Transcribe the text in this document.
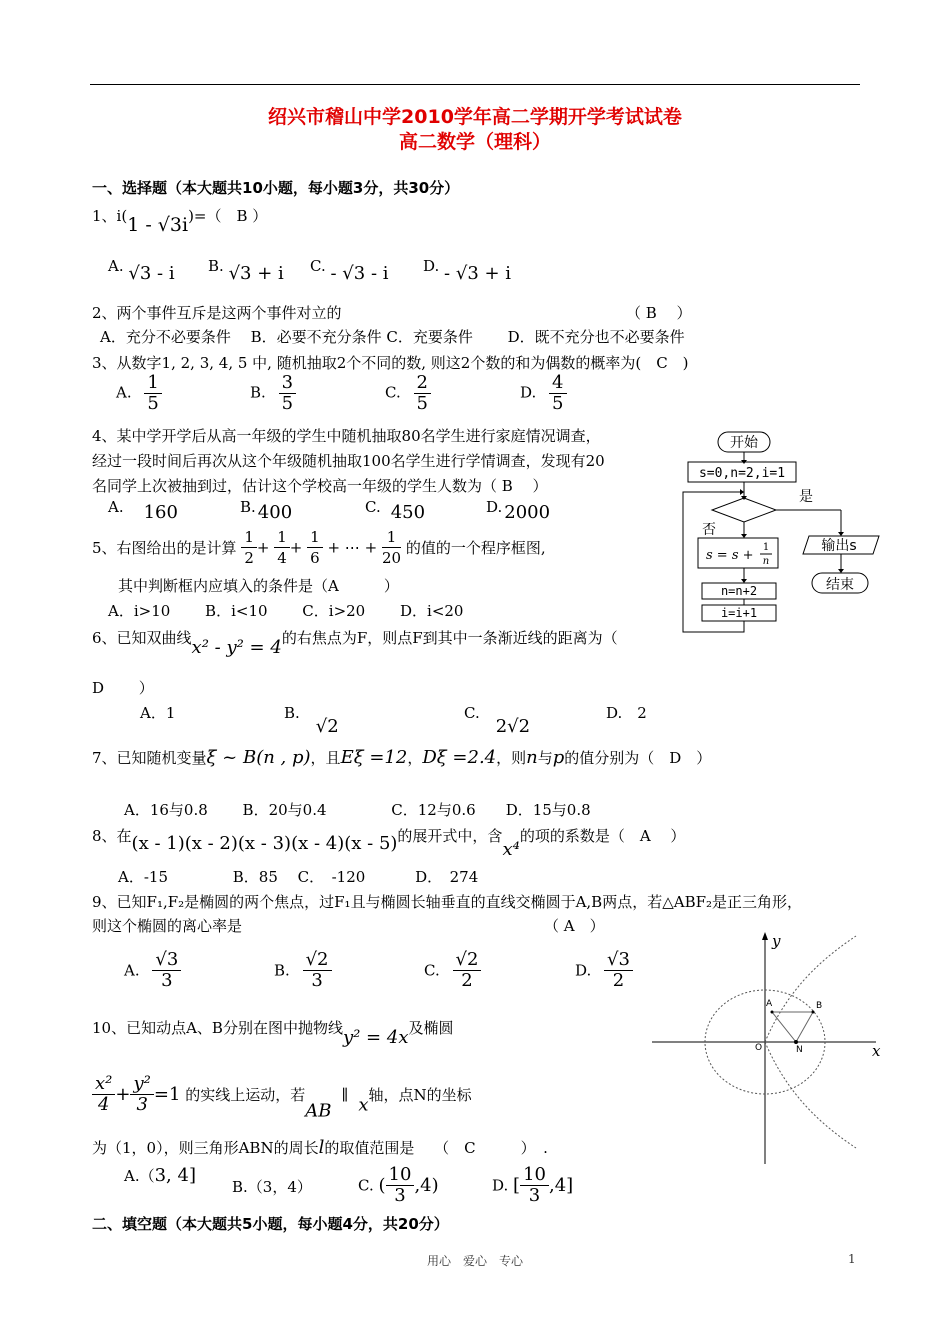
绍兴市稽山中学2010学年高二学期开学考试试卷
高二数学（理科）
一、选择题（本大题共10小题，每小题3分，共30分）
1、i(1 - √3i)=（　B ）
A. √3 - i B. √3 + i C. - √3 - i D. - √3 + i
2、两个事件互斥是这两个事件对立的	（ B　 ）
A．充分不必要条件　 B．必要不充分条件 C．充要条件　　 D．既不充分也不必要条件
3、从数字1, 2, 3, 4, 5 中, 随机抽取2个不同的数, 则这2个数的和为偶数的概率为(　C　)
A. $\frac{1}{5}$	B. $\frac{3}{5}$	C. $\frac{2}{5}$	D. $\frac{4}{5}$
4、某中学开学后从高一年级的学生中随机抽取80名学生进行家庭情况调查，
经过一段时间后再次从这个年级随机抽取100名学生进行学情调查，发现有20
名同学上次被抽到过，估计这个学校高一年级的学生人数为（ B　 ）
A. 160	B. 400	C. 450	D. 2000
5、右图给出的是计算 $\frac{1}{2} + \frac{1}{4} + \frac{1}{6}$ + ⋯ + $\frac{1}{20}$ 的值的一个程序框图,
其中判断框内应填入的条件是（A　　　）
A．i>10　　 B．i<10　　 C．i>20　　 D．i<20
开始
s=0,n=2,i=1
是
否
s = s +
1
n
n=n+2
i=i+1
输出s
结束
6、已知双曲线x² - y² = 4的右焦点为F，则点F到其中一条渐近线的距离为（
D　　 ）
A．1	B.√2
C.2√2
D.　2
7、已知随机变量ξ ~ B(n , p)，且Eξ =12，Dξ =2.4，则n与p的值分别为（　D　）
A．16与0.8　　 B．20与0.4　　　　 C．12与0.6　　D．15与0.8
8、在(x - 1)(x - 2)(x - 3)(x - 4)(x - 5)的展开式中，含x⁴的项的系数是（　A　 ）
A．-15　　　　 B．85　 C．　-120　　　 D．　274
9、已知F₁,F₂是椭圆的两个焦点，过F₁且与椭圆长轴垂直的直线交椭圆于A,B两点，若△ABF₂是正三角形，
则这个椭圆的离心率是	（ A　）
A. $\frac{√3}{3}$	B. $\frac{√2}{3}$	C. $\frac{√2}{2}$	D. $\frac{√3}{2}$
10、已知动点A、B分别在图中抛物线y² = 4x及椭圆
$\frac{\text{x²}}{4} + \frac{\text{y²}}{3} =1$ 的实线上运动，若AB∥ x轴，点N的坐标
为（1，0），则三角形ABN的周长l的取值范围是　 （　C　　　）　.
A.（3, 4]
B.（3，4）	C. ( $\frac{10}{3} ,4$)	D. [ $\frac{10}{3} ,4$]
y
x
O
A	B
N
二、填空题（本大题共5小题，每小题4分，共20分）
用心　爱心　专心	1
